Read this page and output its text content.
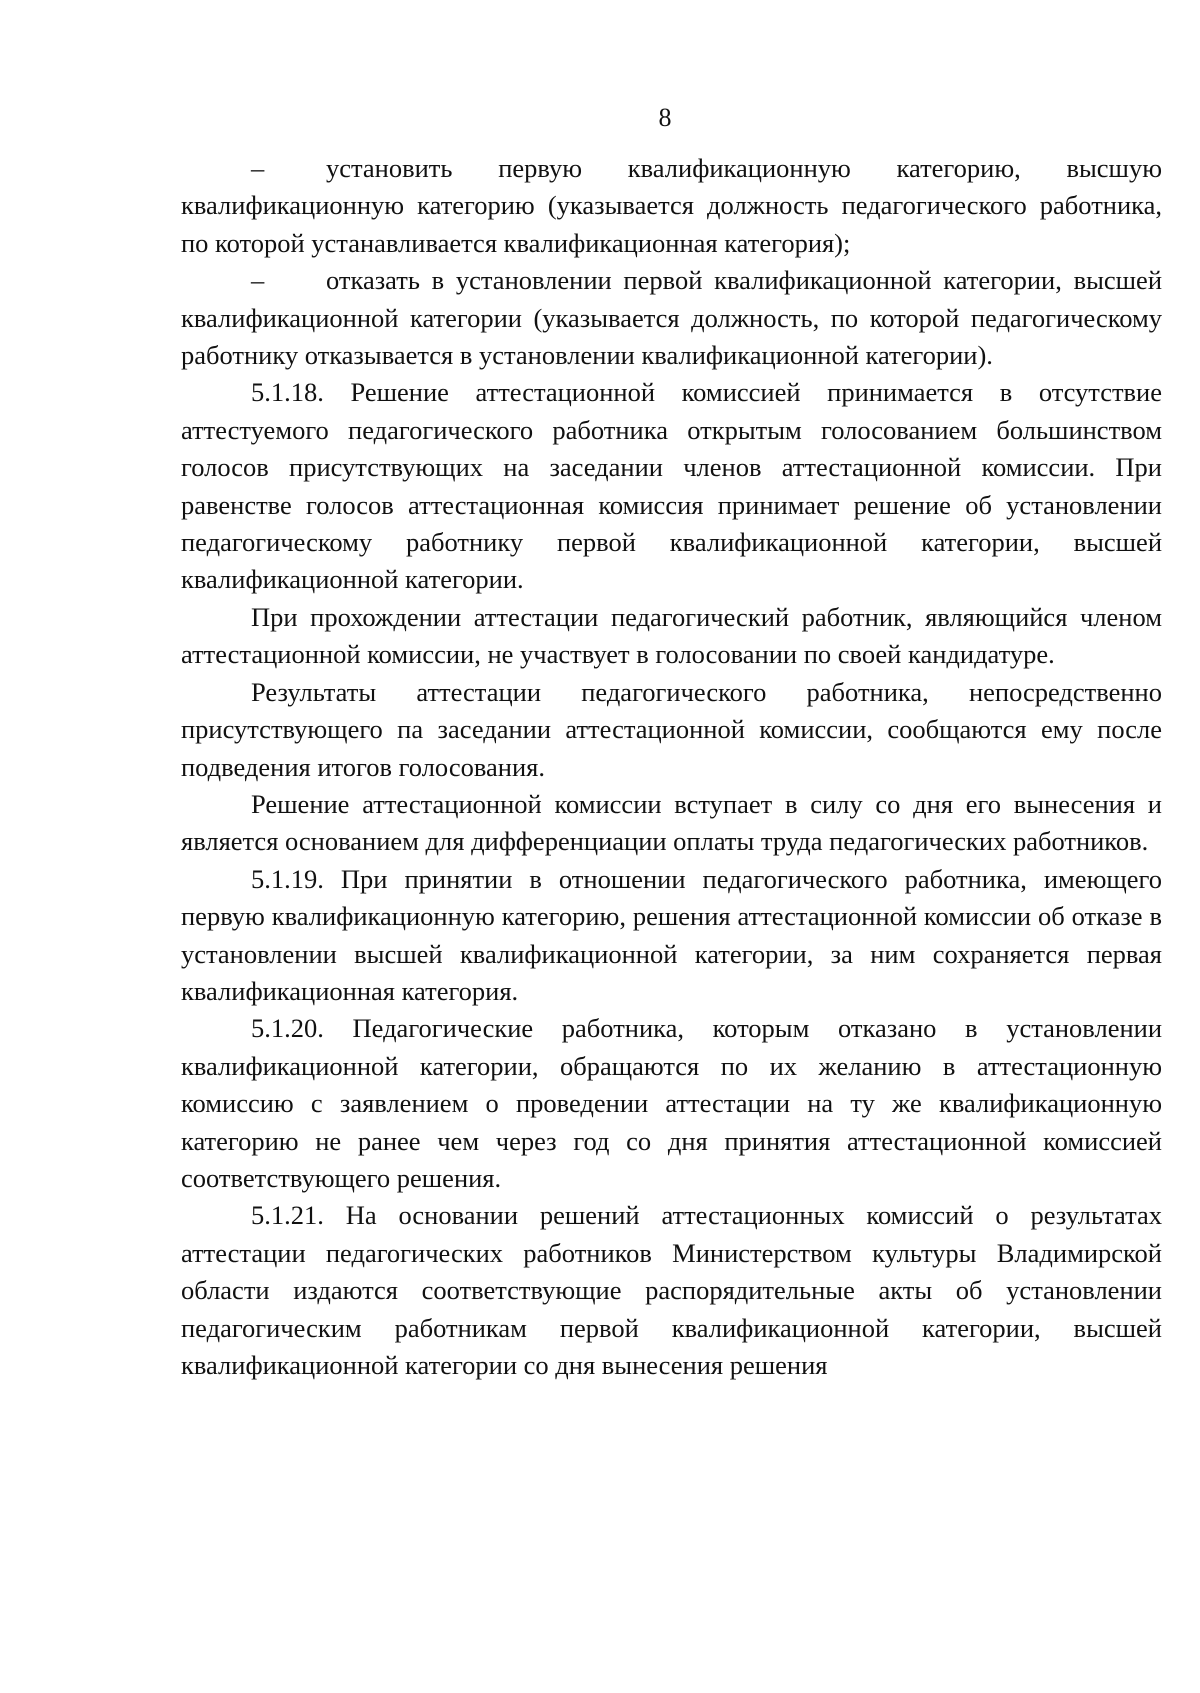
8

– установить первую квалификационную категорию, высшую квалификационную категорию (указывается должность педагогического работника, по которой устанавливается квалификационная категория);

– отказать в установлении первой квалификационной категории, высшей квалификационной категории (указывается должность, по которой педагогическому работнику отказывается в установлении квалификационной категории).

5.1.18. Решение аттестационной комиссией принимается в отсутствие аттестуемого педагогического работника открытым голосованием большинством голосов присутствующих на заседании членов аттестационной комиссии. При равенстве голосов аттестационная комиссия принимает решение об установлении педагогическому работнику первой квалификационной категории, высшей квалификационной категории.

При прохождении аттестации педагогический работник, являющийся членом аттестационной комиссии, не участвует в голосовании по своей кандидатуре.

Результаты аттестации педагогического работника, непосредственно присутствующего па заседании аттестационной комиссии, сообщаются ему после подведения итогов голосования.

Решение аттестационной комиссии вступает в силу со дня его вынесения и является основанием для дифференциации оплаты труда педагогических работников.

5.1.19. При принятии в отношении педагогического работника, имеющего первую квалификационную категорию, решения аттестационной комиссии об отказе в установлении высшей квалификационной категории, за ним сохраняется первая квалификационная категория.

5.1.20. Педагогические работника, которым отказано в установлении квалификационной категории, обращаются по их желанию в аттестационную комиссию с заявлением о проведении аттестации на ту же квалификационную категорию не ранее чем через год со дня принятия аттестационной комиссией соответствующего решения.

5.1.21. На основании решений аттестационных комиссий о результатах аттестации педагогических работников Министерством культуры Владимирской области издаются соответствующие распорядительные акты об установлении педагогическим работникам первой квалификационной категории, высшей квалификационной категории со дня вынесения решения
